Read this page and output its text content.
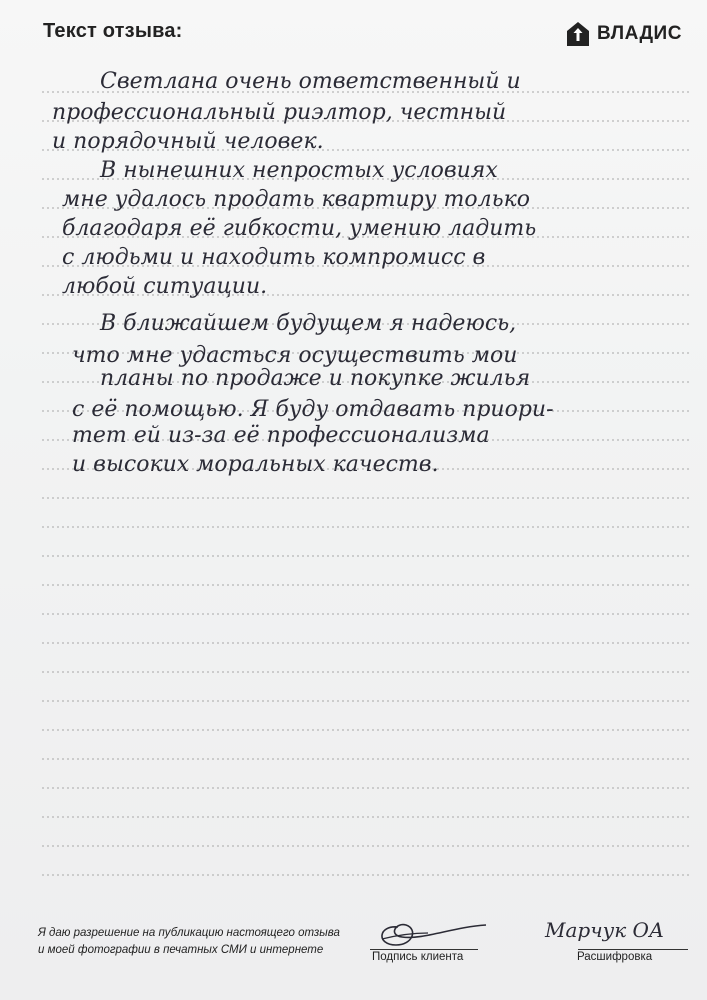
Текст отзыва:	ВЛАДИС
Светлана очень ответственный и
профессиональный риэлтор, честный
и порядочный человек.
В нынешних непростых условиях
мне удалось продать квартиру только
благодаря её гибкости, умению ладить
с людьми и находить компромисс в
любой ситуации.
В ближайшем будущем я надеюсь,
что мне удасться осуществить мои
планы по продаже и покупке жилья
с её помощью. Я буду отдавать приори-
тет ей из-за её профессионализма
и высоких моральных качеств.
Я даю разрешение на публикацию настоящего отзыва
и моей фотографии в печатных СМИ и интернете
Подпись клиента
Марчук ОА
Расшифровка
